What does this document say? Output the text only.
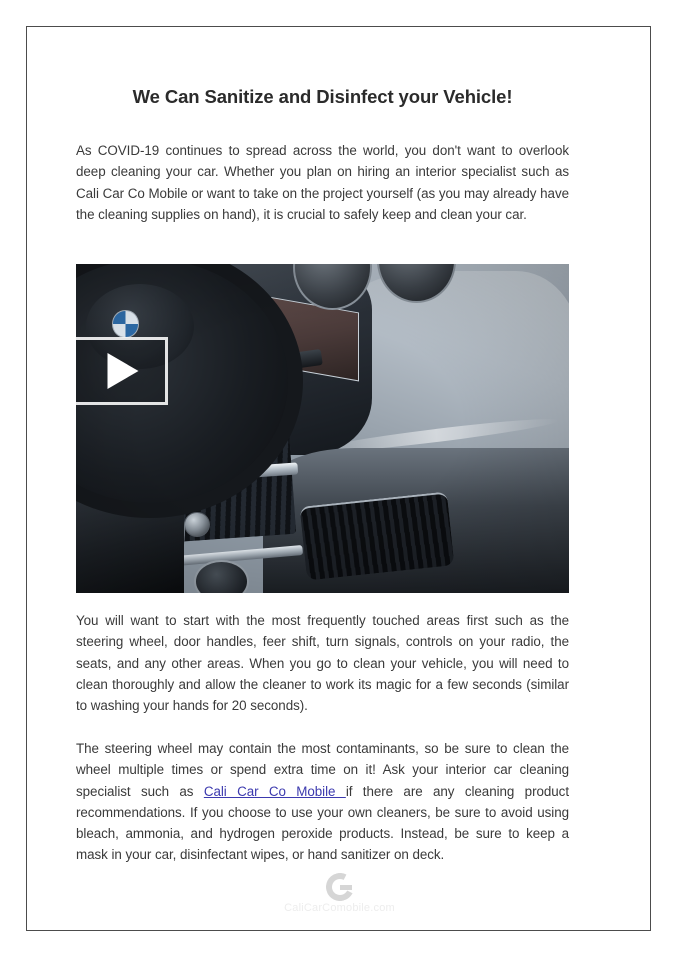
We Can Sanitize and Disinfect your Vehicle!

As COVID-19 continues to spread across the world, you don't want to overlook deep cleaning your car. Whether you plan on hiring an interior specialist such as Cali Car Co Mobile or want to take on the project yourself (as you may already have the cleaning supplies on hand), it is crucial to safely keep and clean your car.

You will want to start with the most frequently touched areas first such as the steering wheel, door handles, feer shift, turn signals, controls on your radio, the seats, and any other areas. When you go to clean your vehicle, you will need to clean thoroughly and allow the cleaner to work its magic for a few seconds (similar to washing your hands for 20 seconds).

The steering wheel may contain the most contaminants, so be sure to clean the wheel multiple times or spend extra time on it! Ask your interior car cleaning specialist such as Cali Car Co Mobile if there are any cleaning product recommendations. If you choose to use your own cleaners, be sure to avoid using bleach, ammonia, and hydrogen peroxide products. Instead, be sure to keep a mask in your car, disinfectant wipes, or hand sanitizer on deck.

CaliCarComobile.com
